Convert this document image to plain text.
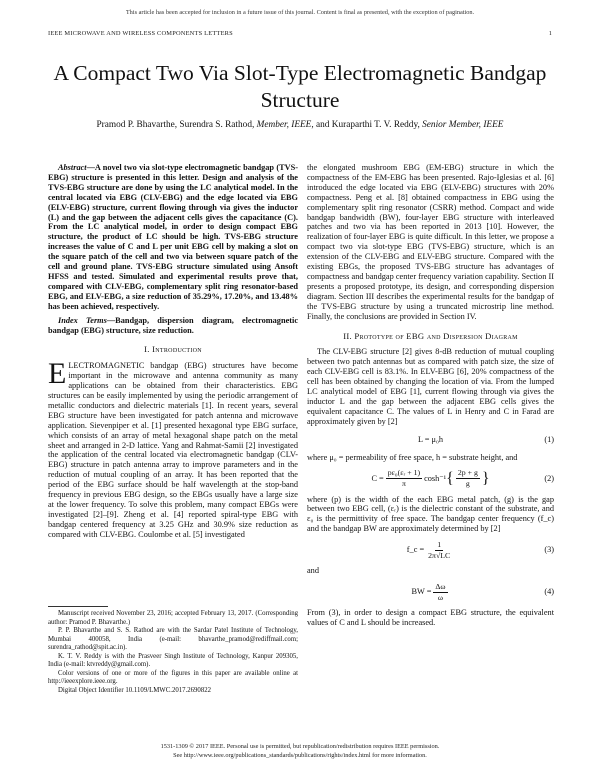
This article has been accepted for inclusion in a future issue of this journal. Content is final as presented, with the exception of pagination.
IEEE MICROWAVE AND WIRELESS COMPONENTS LETTERS	1
A Compact Two Via Slot-Type Electromagnetic Bandgap Structure
Pramod P. Bhavarthe, Surendra S. Rathod, Member, IEEE, and Kuraparthi T. V. Reddy, Senior Member, IEEE

Abstract—A novel two via slot-type electromagnetic bandgap (TVS-EBG) structure is presented in this letter. Design and analysis of the TVS-EBG structure are done by using the LC analytical model. In the central located via EBG (CLV-EBG) and the edge located via EBG (ELV-EBG) structure, current flowing through via gives the inductor (L) and the gap between the adjacent cells gives the capacitance (C). From the LC analytical model, in order to design compact EBG structure, the product of LC should be high. TVS-EBG structure increases the value of C and L per unit EBG cell by making a slot on the square patch of the cell and two via between square patch of the cell and ground plane. TVS-EBG structure simulated using Ansoft HFSS and tested. Simulated and experimental results prove that, compared with CLV-EBG, complementary split ring resonator-based EBG, and ELV-EBG, a size reduction of 35.29%, 17.20%, and 13.48% has been achieved, respectively.

Index Terms—Bandgap, dispersion diagram, electromagnetic bandgap (EBG) structure, size reduction.

I. Introduction

ELECTROMAGNETIC bandgap (EBG) structures have become important in the microwave and antenna community as many applications can be obtained from their characteristics. EBG structures can be easily implemented by using the periodic arrangement of metallic conductors and dielectric materials [1]. In recent years, several EBG structure have been investigated for patch antenna and microwave application. Sievenpiper et al. [1] presented hexagonal type EBG surface, which consists of an array of metal hexagonal shape patch on the metal sheet and arranged in 2-D lattice. Yang and Rahmat-Samii [2] investigated the application of the central located via electromagnetic bandgap (CLV-EBG) structure in patch antenna array to improve parameters and in the reduction of mutual coupling of an array. It has been reported that the period of the EBG surface should be half wavelength at the stop-band frequency in previous EBG design, so the EBGs usually have a large size at the lower frequency. To solve this problem, many compact EBGs were investigated [2]–[9]. Zheng et al. [4] reported spiral-type EBG with bandgap centered frequency at 3.25 GHz and 30.9% size reduction as compared with CLV-EBG. Coulombe et al. [5] investigated

Manuscript received November 23, 2016; accepted February 13, 2017. (Corresponding author: Pramod P. Bhavarthe.)

P. P. Bhavarthe and S. S. Rathod are with the Sardar Patel Institute of Technology, Mumbai 400058, India (e-mail: bhavarthe_pramod@rediffmail.com; surendra_rathod@spit.ac.in).

K. T. V. Reddy is with the Prasveer Singh Institute of Technology, Kanpur 209305, India (e-mail: ktvreddy@gmail.com).

Color versions of one or more of the figures in this paper are available online at http://ieeexplore.ieee.org.

Digital Object Identifier 10.1109/LMWC.2017.2690822

the elongated mushroom EBG (EM-EBG) structure in which the compactness of the EM-EBG has been presented. Rajo-Iglesias et al. [6] introduced the edge located via EBG (ELV-EBG) structures with 20% compactness. Peng et al. [8] obtained compactness in EBG using the complementary split ring resonator (CSRR) method. Compact and wide bandgap bandwidth (BW), four-layer EBG structure with interleaved patches and two via has been reported in 2013 [10]. However, the realization of four-layer EBG is quite difficult. In this letter, we propose a compact two via slot-type EBG (TVS-EBG) structure, which is an extension of the CLV-EBG and ELV-EBG structure. Compared with the existing EBGs, the proposed TVS-EBG structure has advantages of compactness and bandgap center frequency variation capability. Section II presents a proposed prototype, its design, and corresponding dispersion diagram. Section III describes the experimental results for the bandgap of the TVS-EBG structure by using a truncated microstrip line method. Finally, the conclusions are provided in Section IV.

II. Prototype of EBG and Dispersion Diagram

The CLV-EBG structure [2] gives 8-dB reduction of mutual coupling between two patch antennas but as compared with patch size, the size of each CLV-EBG cell is 83.1%. In ELV-EBG [6], 20% compactness of the cell has been obtained by changing the location of via. From the lumped LC analytical model of EBG [1], current flowing through via gives the inductor L and the gap between the adjacent EBG cells gives the equivalent capacitance C. The values of L in Henry and C in Farad are approximately given by [2]

L = μ₀h	(1)

where μ₀ = permeability of free space, h = substrate height, and

$C = \frac{\text{pε₀(εᵣ + 1)}}{\pi} \cosh^{-1}$ { $\frac{2p + g}{g}$ }	(2)

where (p) is the width of the each EBG metal patch, (g) is the gap between two EBG cell, (εᵣ) is the dielectric constant of the substrate, and ε₀ is the permittivity of free space. The bandgap center frequency (f_c) and the bandgap BW are approximately determined by [2]

f_c = $\frac{1}{2\pi√LC}$	(3)

and

BW = $\frac{\Delta\omega}{\omega}$	(4)

From (3), in order to design a compact EBG structure, the equivalent values of C and L should be increased.

1531-1309 © 2017 IEEE. Personal use is permitted, but republication/redistribution requires IEEE permission.
See http://www.ieee.org/publications_standards/publications/rights/index.html for more information.
